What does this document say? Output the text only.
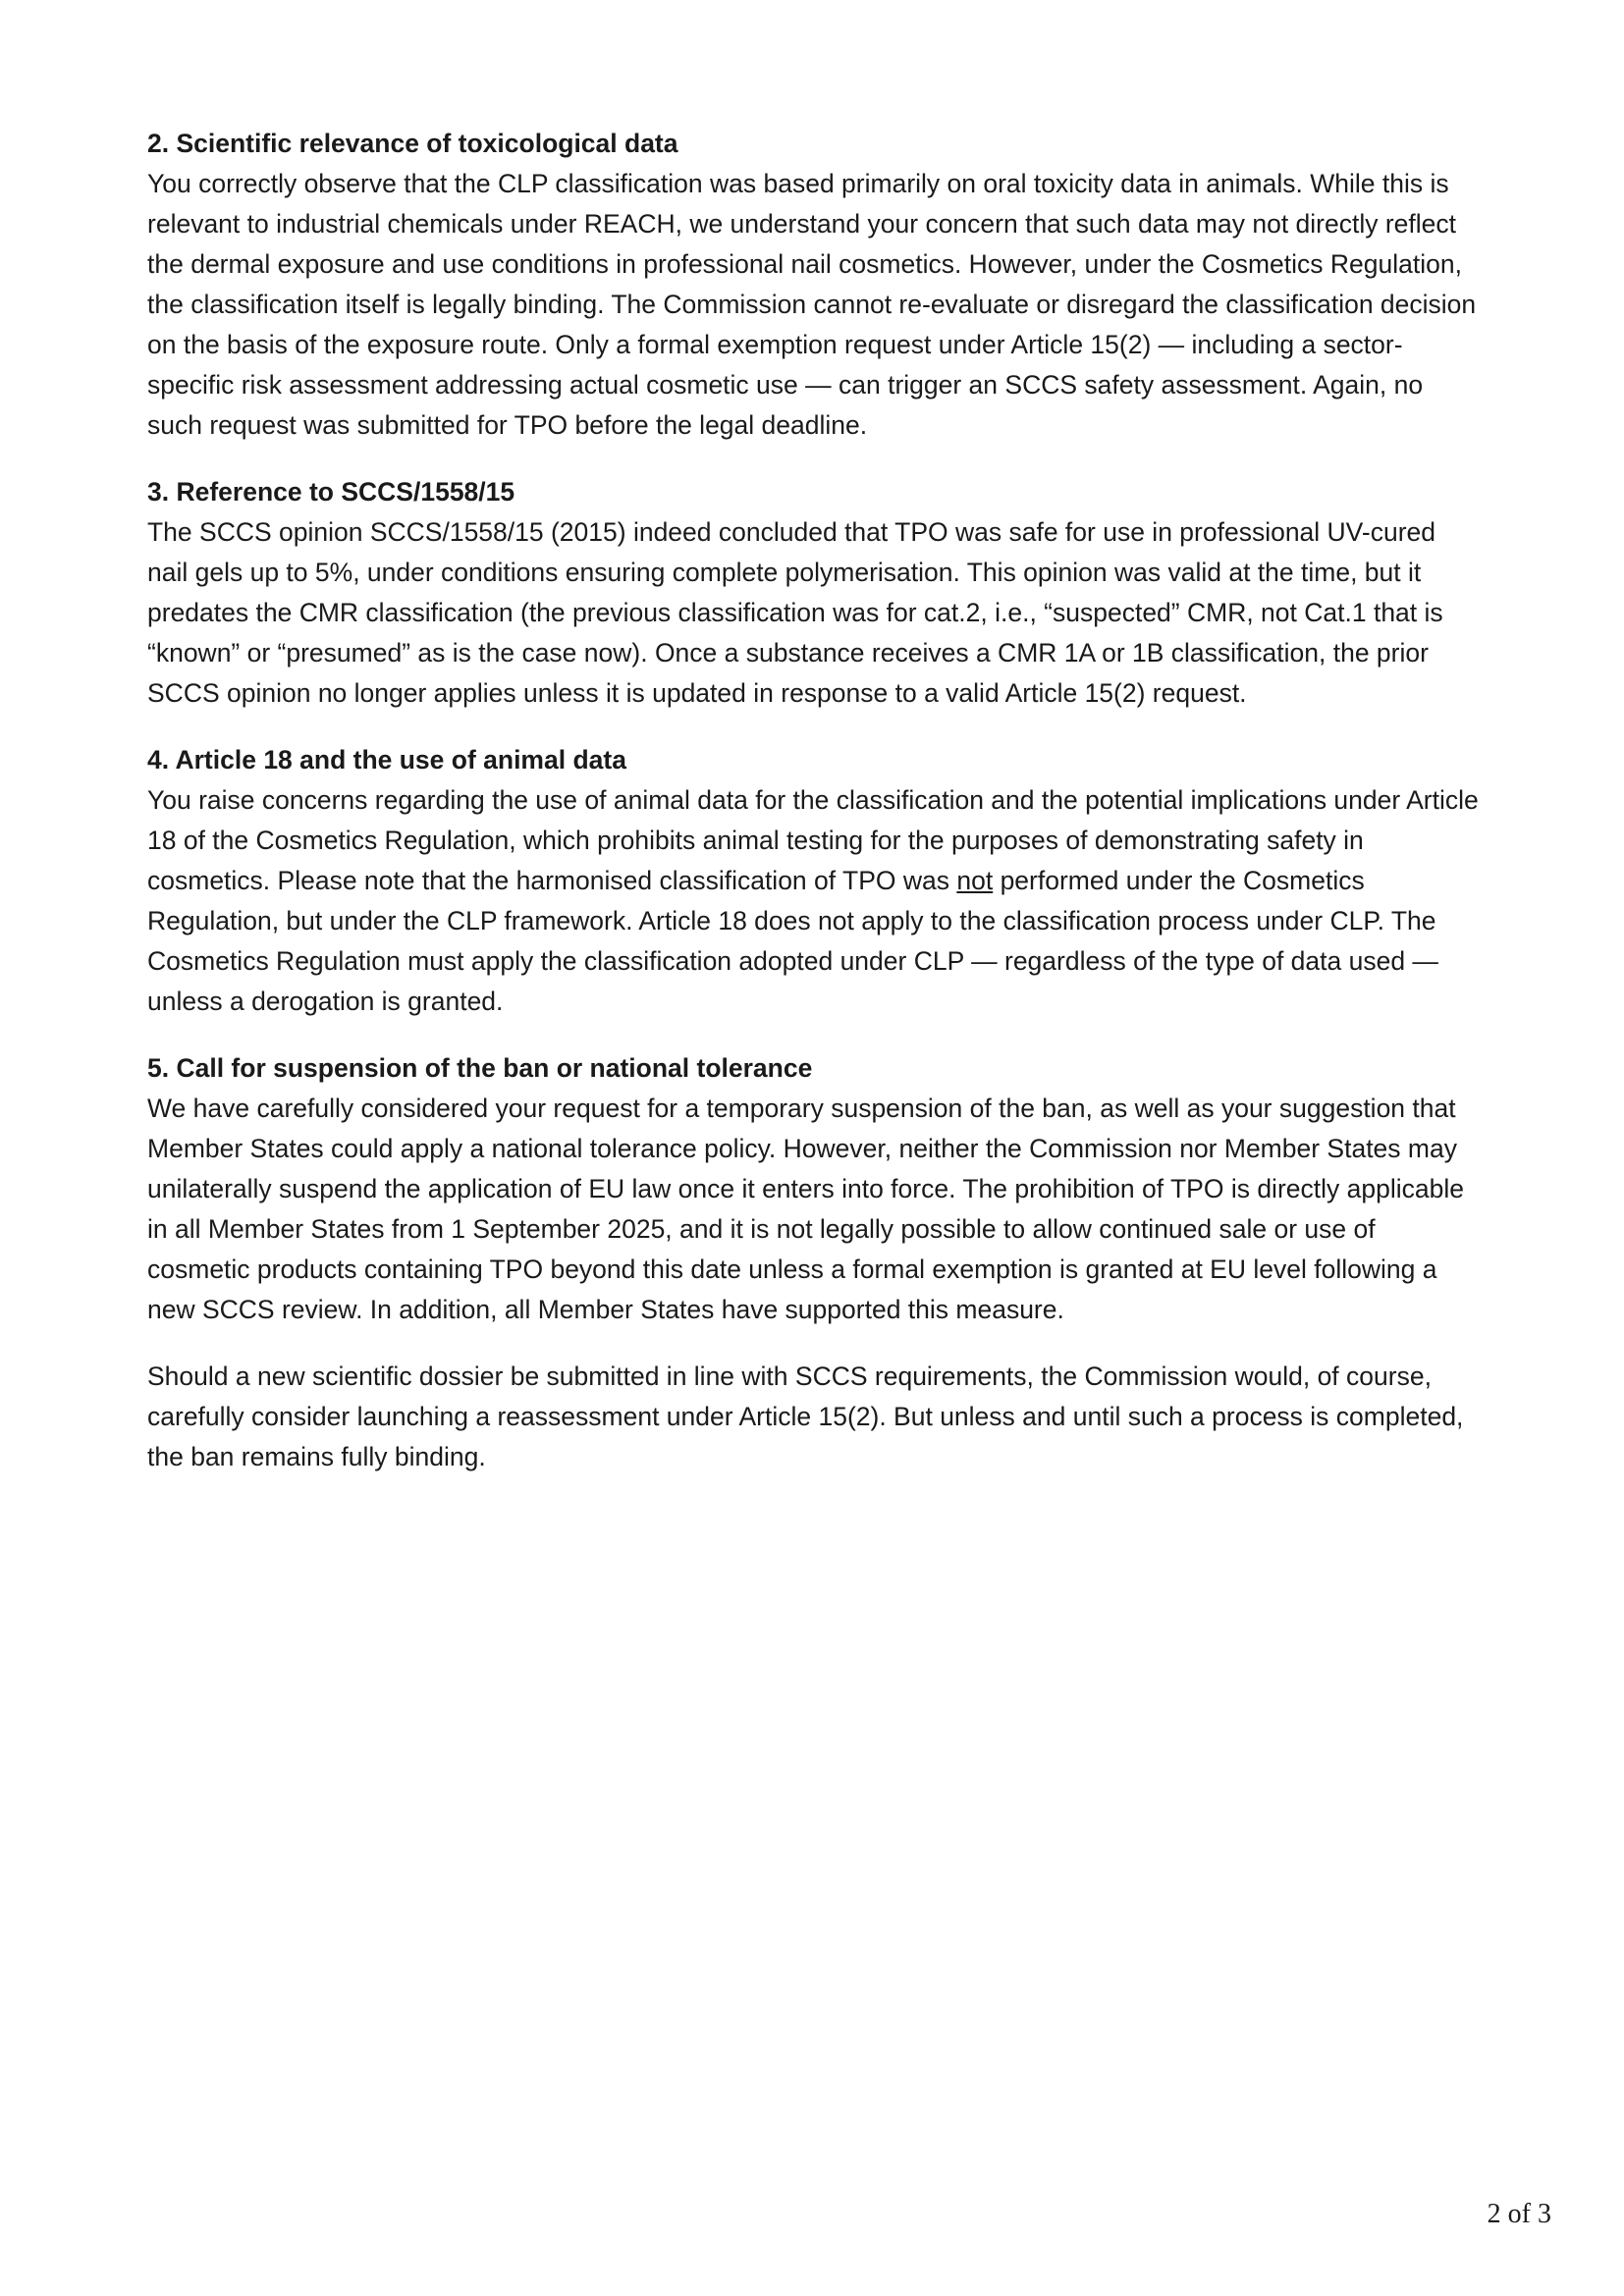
2. Scientific relevance of toxicological data

You correctly observe that the CLP classification was based primarily on oral toxicity data in animals. While this is relevant to industrial chemicals under REACH, we understand your concern that such data may not directly reflect the dermal exposure and use conditions in professional nail cosmetics. However, under the Cosmetics Regulation, the classification itself is legally binding. The Commission cannot re-evaluate or disregard the classification decision on the basis of the exposure route. Only a formal exemption request under Article 15(2) — including a sector-specific risk assessment addressing actual cosmetic use — can trigger an SCCS safety assessment. Again, no such request was submitted for TPO before the legal deadline.

3. Reference to SCCS/1558/15

The SCCS opinion SCCS/1558/15 (2015) indeed concluded that TPO was safe for use in professional UV-cured nail gels up to 5%, under conditions ensuring complete polymerisation. This opinion was valid at the time, but it predates the CMR classification (the previous classification was for cat.2, i.e., “suspected” CMR, not Cat.1 that is “known” or “presumed” as is the case now). Once a substance receives a CMR 1A or 1B classification, the prior SCCS opinion no longer applies unless it is updated in response to a valid Article 15(2) request.

4. Article 18 and the use of animal data

You raise concerns regarding the use of animal data for the classification and the potential implications under Article 18 of the Cosmetics Regulation, which prohibits animal testing for the purposes of demonstrating safety in cosmetics. Please note that the harmonised classification of TPO was not performed under the Cosmetics Regulation, but under the CLP framework. Article 18 does not apply to the classification process under CLP. The Cosmetics Regulation must apply the classification adopted under CLP — regardless of the type of data used — unless a derogation is granted.

5. Call for suspension of the ban or national tolerance

We have carefully considered your request for a temporary suspension of the ban, as well as your suggestion that Member States could apply a national tolerance policy. However, neither the Commission nor Member States may unilaterally suspend the application of EU law once it enters into force. The prohibition of TPO is directly applicable in all Member States from 1 September 2025, and it is not legally possible to allow continued sale or use of cosmetic products containing TPO beyond this date unless a formal exemption is granted at EU level following a new SCCS review. In addition, all Member States have supported this measure.

Should a new scientific dossier be submitted in line with SCCS requirements, the Commission would, of course, carefully consider launching a reassessment under Article 15(2). But unless and until such a process is completed, the ban remains fully binding.

2 of 3
